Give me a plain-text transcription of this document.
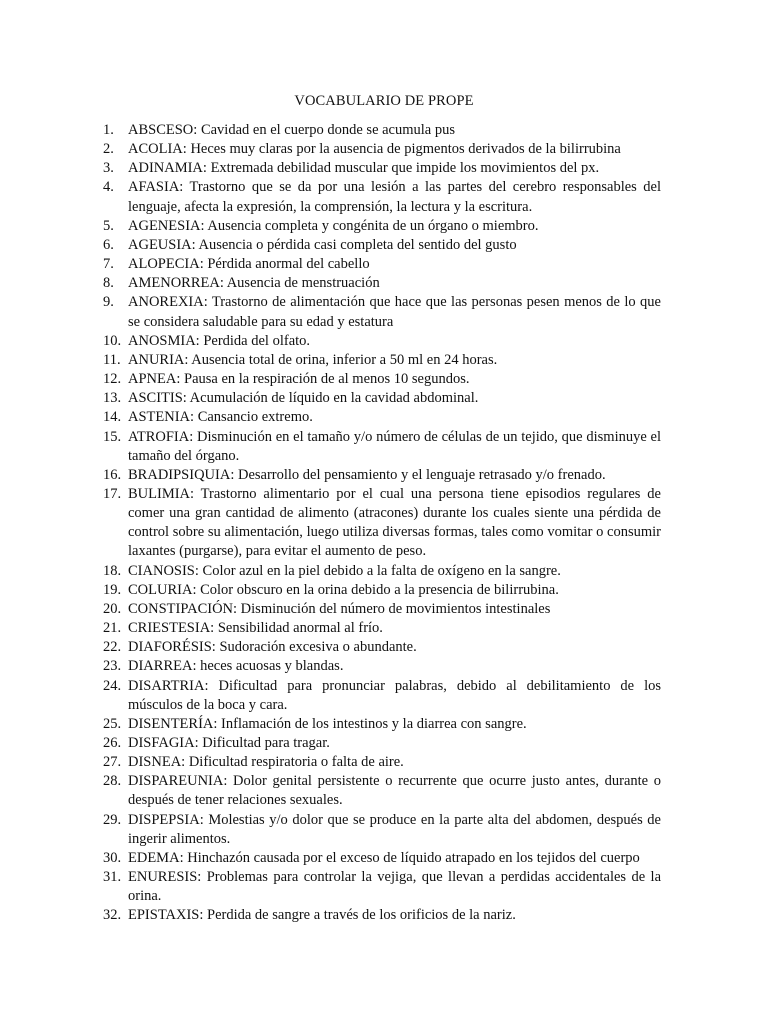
VOCABULARIO DE PROPE
1. ABSCESO: Cavidad en el cuerpo donde se acumula pus
2. ACOLIA: Heces muy claras por la ausencia de pigmentos derivados de la bilirrubina
3. ADINAMIA: Extremada debilidad muscular que impide los movimientos del px.
4. AFASIA: Trastorno que se da por una lesión a las partes del cerebro responsables del lenguaje, afecta la expresión, la comprensión, la lectura y la escritura.
5. AGENESIA: Ausencia completa y congénita de un órgano o miembro.
6. AGEUSIA: Ausencia o pérdida casi completa del sentido del gusto
7. ALOPECIA: Pérdida anormal del cabello
8. AMENORREA: Ausencia de menstruación
9. ANOREXIA: Trastorno de alimentación que hace que las personas pesen menos de lo que se considera saludable para su edad y estatura
10. ANOSMIA: Perdida del olfato.
11. ANURIA: Ausencia total de orina, inferior a 50 ml en 24 horas.
12. APNEA: Pausa en la respiración de al menos 10 segundos.
13. ASCITIS: Acumulación de líquido en la cavidad abdominal.
14. ASTENIA: Cansancio extremo.
15. ATROFIA: Disminución en el tamaño y/o número de células de un tejido, que disminuye el tamaño del órgano.
16. BRADIPSIQUIA: Desarrollo del pensamiento y el lenguaje retrasado y/o frenado.
17. BULIMIA: Trastorno alimentario por el cual una persona tiene episodios regulares de comer una gran cantidad de alimento (atracones) durante los cuales siente una pérdida de control sobre su alimentación, luego utiliza diversas formas, tales como vomitar o consumir laxantes (purgarse), para evitar el aumento de peso.
18. CIANOSIS: Color azul en la piel debido a la falta de oxígeno en la sangre.
19. COLURIA: Color obscuro en la orina debido a la presencia de bilirrubina.
20. CONSTIPACIÓN: Disminución del número de movimientos intestinales
21. CRIESTESIA: Sensibilidad anormal al frío.
22. DIAFORÉSIS: Sudoración excesiva o abundante.
23. DIARREA: heces acuosas y blandas.
24. DISARTRIA: Dificultad para pronunciar palabras, debido al debilitamiento de los músculos de la boca y cara.
25. DISENTERÍA: Inflamación de los intestinos y la diarrea con sangre.
26. DISFAGIA: Dificultad para tragar.
27. DISNEA: Dificultad respiratoria o falta de aire.
28. DISPAREUNIA: Dolor genital persistente o recurrente que ocurre justo antes, durante o después de tener relaciones sexuales.
29. DISPEPSIA: Molestias y/o dolor que se produce en la parte alta del abdomen, después de ingerir alimentos.
30. EDEMA: Hinchazón causada por el exceso de líquido atrapado en los tejidos del cuerpo
31. ENURESIS: Problemas para controlar la vejiga, que llevan a perdidas accidentales de la orina.
32. EPISTAXIS: Perdida de sangre a través de los orificios de la nariz.
